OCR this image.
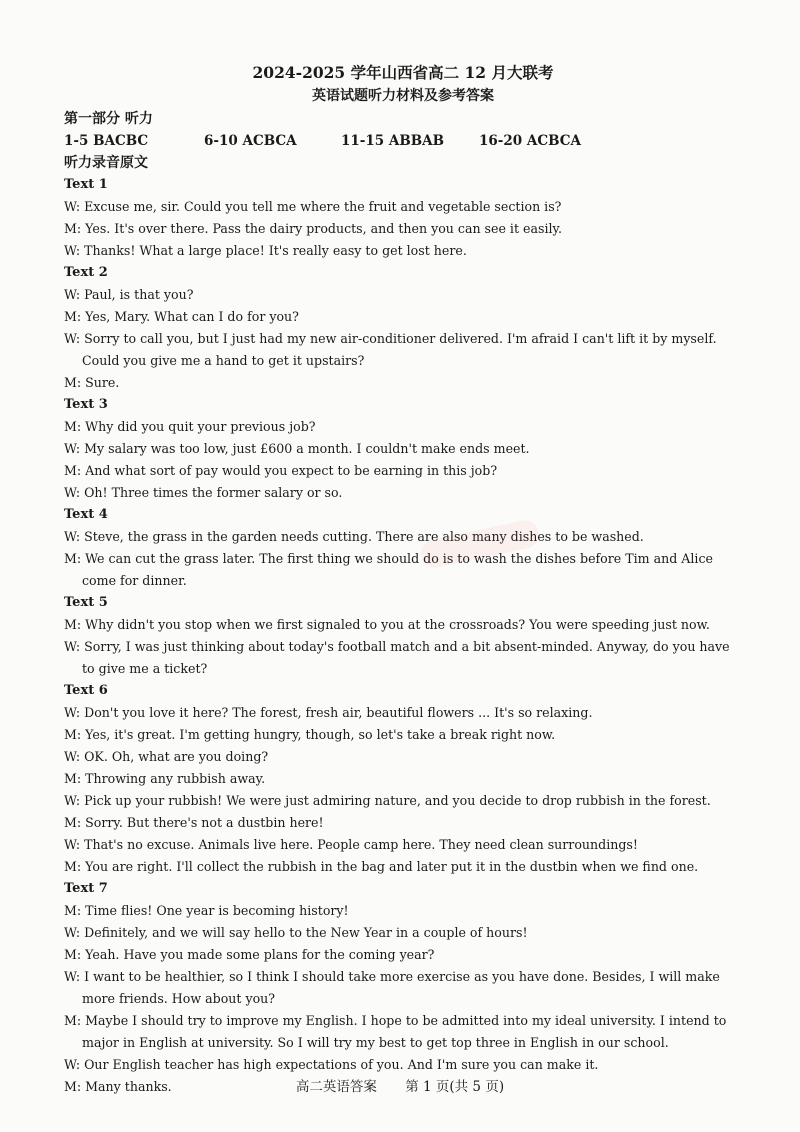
2024-2025 学年山西省高二 12 月大联考
英语试题听力材料及参考答案
第一部分 听力
1-5 BACBC	6-10 ACBCA	11-15 ABBAB	16-20 ACBCA
听力录音原文
Text 1
W: Excuse me, sir. Could you tell me where the fruit and vegetable section is?
M: Yes. It's over there. Pass the dairy products, and then you can see it easily.
W: Thanks! What a large place! It's really easy to get lost here.
Text 2
W: Paul, is that you?
M: Yes, Mary. What can I do for you?
W: Sorry to call you, but I just had my new air-conditioner delivered. I'm afraid I can't lift it by myself. Could you give me a hand to get it upstairs?
M: Sure.
Text 3
M: Why did you quit your previous job?
W: My salary was too low, just £600 a month. I couldn't make ends meet.
M: And what sort of pay would you expect to be earning in this job?
W: Oh! Three times the former salary or so.
Text 4
W: Steve, the grass in the garden needs cutting. There are also many dishes to be washed.
M: We can cut the grass later. The first thing we should do is to wash the dishes before Tim and Alice come for dinner.
Text 5
M: Why didn't you stop when we first signaled to you at the crossroads? You were speeding just now.
W: Sorry, I was just thinking about today's football match and a bit absent-minded. Anyway, do you have to give me a ticket?
Text 6
W: Don't you love it here? The forest, fresh air, beautiful flowers ... It's so relaxing.
M: Yes, it's great. I'm getting hungry, though, so let's take a break right now.
W: OK. Oh, what are you doing?
M: Throwing any rubbish away.
W: Pick up your rubbish! We were just admiring nature, and you decide to drop rubbish in the forest.
M: Sorry. But there's not a dustbin here!
W: That's no excuse. Animals live here. People camp here. They need clean surroundings!
M: You are right. I'll collect the rubbish in the bag and later put it in the dustbin when we find one.
Text 7
M: Time flies! One year is becoming history!
W: Definitely, and we will say hello to the New Year in a couple of hours!
M: Yeah. Have you made some plans for the coming year?
W: I want to be healthier, so I think I should take more exercise as you have done. Besides, I will make more friends. How about you?
M: Maybe I should try to improve my English. I hope to be admitted into my ideal university. I intend to major in English at university. So I will try my best to get top three in English in our school.
W: Our English teacher has high expectations of you. And I'm sure you can make it.
M: Many thanks.	高二英语答案 第 1 页(共 5 页)
